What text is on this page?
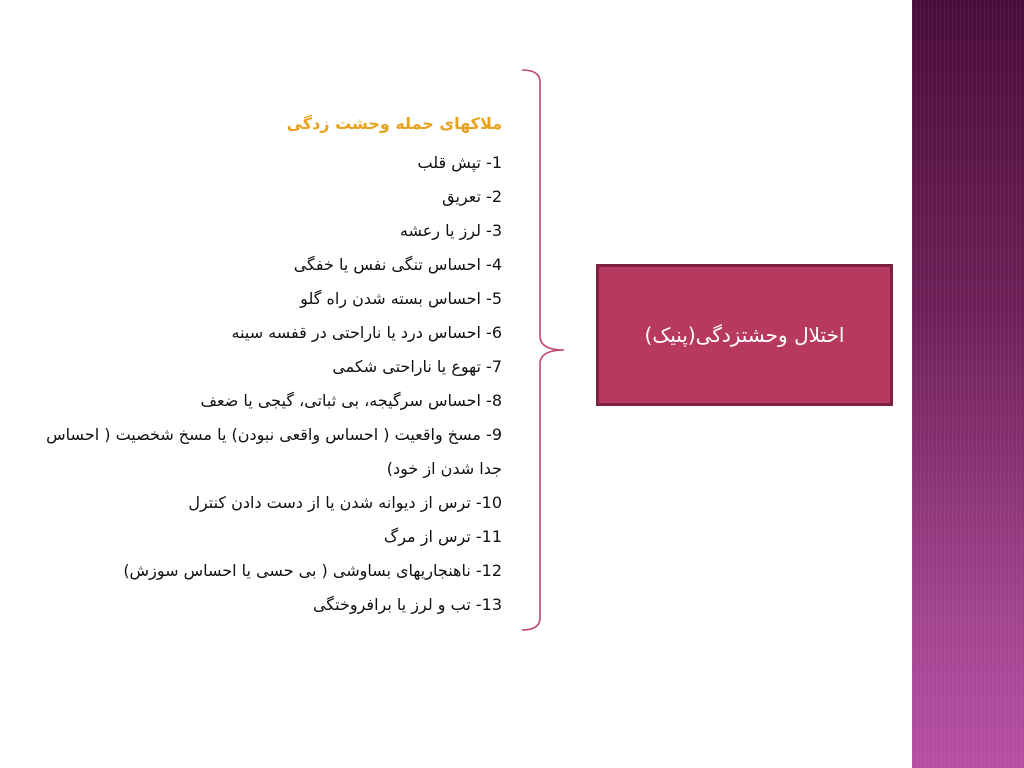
اختلال وحشتزدگی(پنیک)
ملاکهای حمله وحشت زدگی
1- تپش قلب
2- تعریق
3- لرز یا رعشه
4- احساس تنگی نفس یا خفگی
5- احساس بسته شدن راه گلو
6- احساس درد یا ناراحتی در قفسه سینه
7- تهوع یا ناراحتی شکمی
8- احساس سرگیجه، بی ثباتی، گیجی یا ضعف
9- مسخ واقعیت ( احساس واقعی نبودن) یا مسخ شخصیت ( احساس جدا شدن از خود)
10- ترس از دیوانه شدن یا از دست دادن کنترل
11- ترس از مرگ
12- ناهنجاریهای بساوشی ( بی حسی یا احساس سوزش)
13- تب و لرز یا برافروختگی
